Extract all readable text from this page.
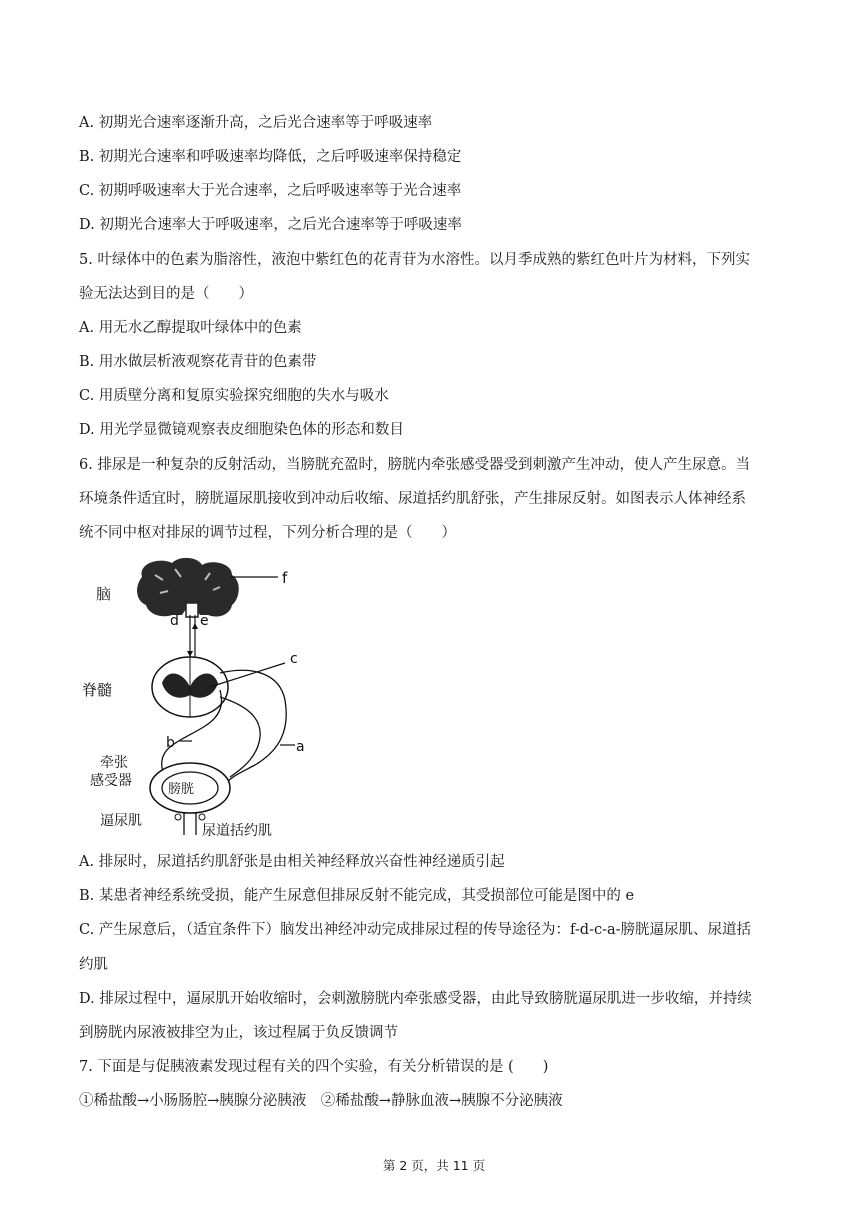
A. 初期光合速率逐渐升高，之后光合速率等于呼吸速率
B. 初期光合速率和呼吸速率均降低，之后呼吸速率保持稳定
C. 初期呼吸速率大于光合速率，之后呼吸速率等于光合速率
D. 初期光合速率大于呼吸速率，之后光合速率等于呼吸速率
5. 叶绿体中的色素为脂溶性，液泡中紫红色的花青苷为水溶性。以月季成熟的紫红色叶片为材料，下列实
验无法达到目的是（　　）
A. 用无水乙醇提取叶绿体中的色素
B. 用水做层析液观察花青苷的色素带
C. 用质壁分离和复原实验探究细胞的失水与吸水
D. 用光学显微镜观察表皮细胞染色体的形态和数目
6. 排尿是一种复杂的反射活动，当膀胱充盈时，膀胱内牵张感受器受到刺激产生冲动，使人产生尿意。当
环境条件适宜时，膀胱逼尿肌接收到冲动后收缩、尿道括约肌舒张，产生排尿反射。如图表示人体神经系
统不同中枢对排尿的调节过程，下列分析合理的是（　　）
脑
f
d e
c
脊髓
b	a
牵张
感受器
膀胱
逼尿肌
尿道括约肌
A. 排尿时，尿道括约肌舒张是由相关神经释放兴奋性神经递质引起
B. 某患者神经系统受损，能产生尿意但排尿反射不能完成，其受损部位可能是图中的 e
C. 产生尿意后，（适宜条件下）脑发出神经冲动完成排尿过程的传导途径为：f-d-c-a-膀胱逼尿肌、尿道括
约肌
D. 排尿过程中，逼尿肌开始收缩时，会刺激膀胱内牵张感受器，由此导致膀胱逼尿肌进一步收缩，并持续
到膀胱内尿液被排空为止，该过程属于负反馈调节
7. 下面是与促胰液素发现过程有关的四个实验，有关分析错误的是 (　　)
①稀盐酸→小肠肠腔→胰腺分泌胰液　②稀盐酸→静脉血液→胰腺不分泌胰液
第 2 页，共 11 页
